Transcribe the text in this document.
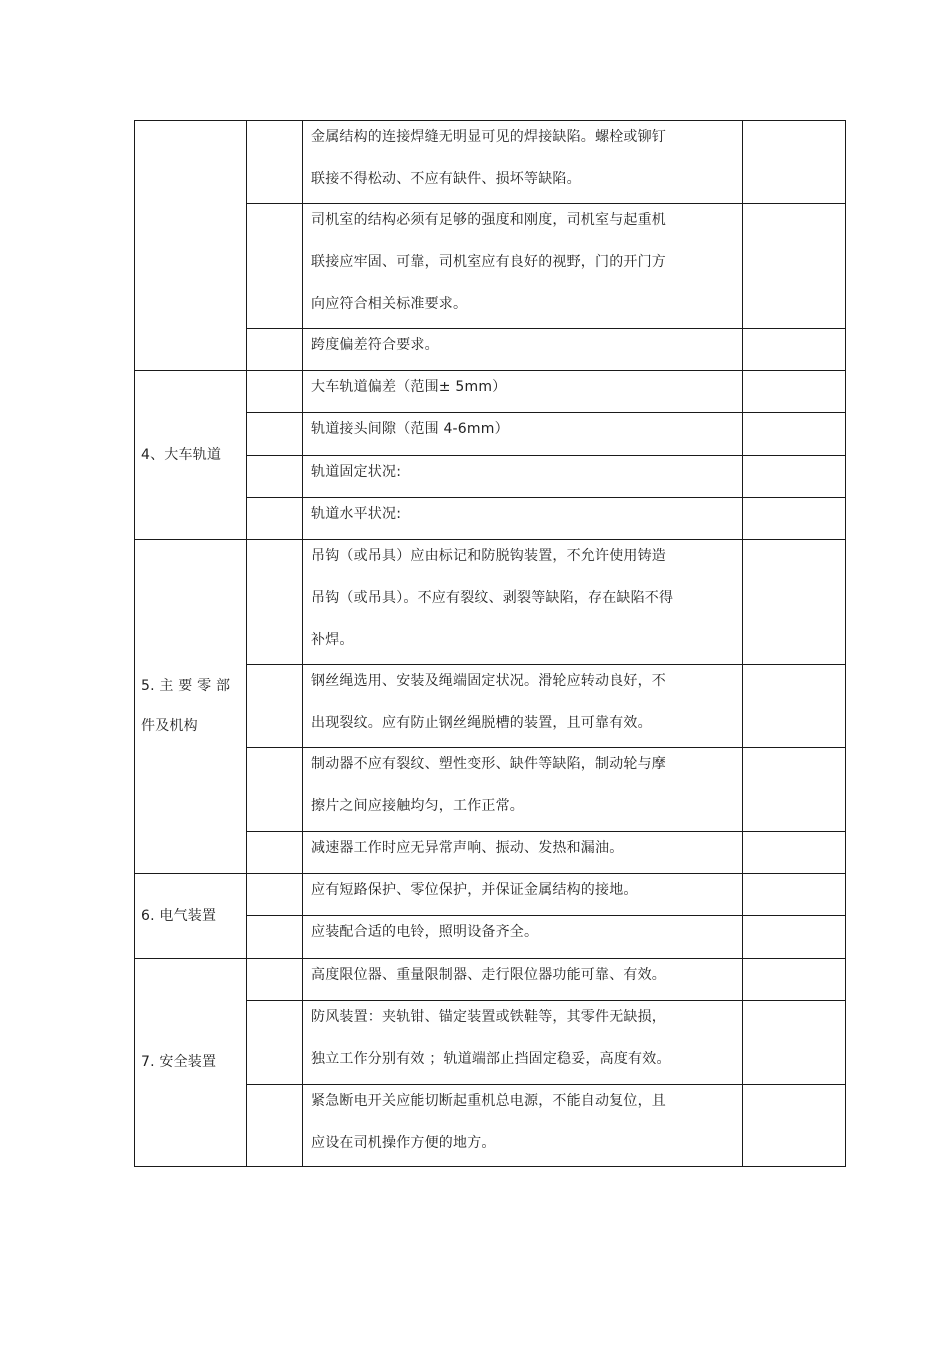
金属结构的连接焊缝无明显可见的焊接缺陷。螺栓或铆钉
联接不得松动、不应有缺件、损坏等缺陷。
司机室的结构必须有足够的强度和刚度，司机室与起重机
联接应牢固、可靠，司机室应有良好的视野，门的开门方
向应符合相关标准要求。
跨度偏差符合要求。
4、大车轨道
大车轨道偏差（范围± 5mm）
轨道接头间隙（范围 4-6mm）
轨道固定状况:
轨道水平状况:
5. 主 要 零 部
件及机构
吊钩（或吊具）应由标记和防脱钩装置，不允许使用铸造
吊钩（或吊具）。不应有裂纹、剥裂等缺陷，存在缺陷不得
补焊。
钢丝绳选用、安装及绳端固定状况。滑轮应转动良好，不
出现裂纹。应有防止钢丝绳脱槽的装置，且可靠有效。
制动器不应有裂纹、塑性变形、缺件等缺陷，制动轮与摩
擦片之间应接触均匀，工作正常。
减速器工作时应无异常声响、振动、发热和漏油。
6. 电气装置
应有短路保护、零位保护，并保证金属结构的接地。
应装配合适的电铃，照明设备齐全。
7. 安全装置
高度限位器、重量限制器、走行限位器功能可靠、有效。
防风装置：夹轨钳、锚定装置或铁鞋等，其零件无缺损，
独立工作分别有效 ；轨道端部止挡固定稳妥，高度有效。
紧急断电开关应能切断起重机总电源，不能自动复位，且
应设在司机操作方便的地方。
